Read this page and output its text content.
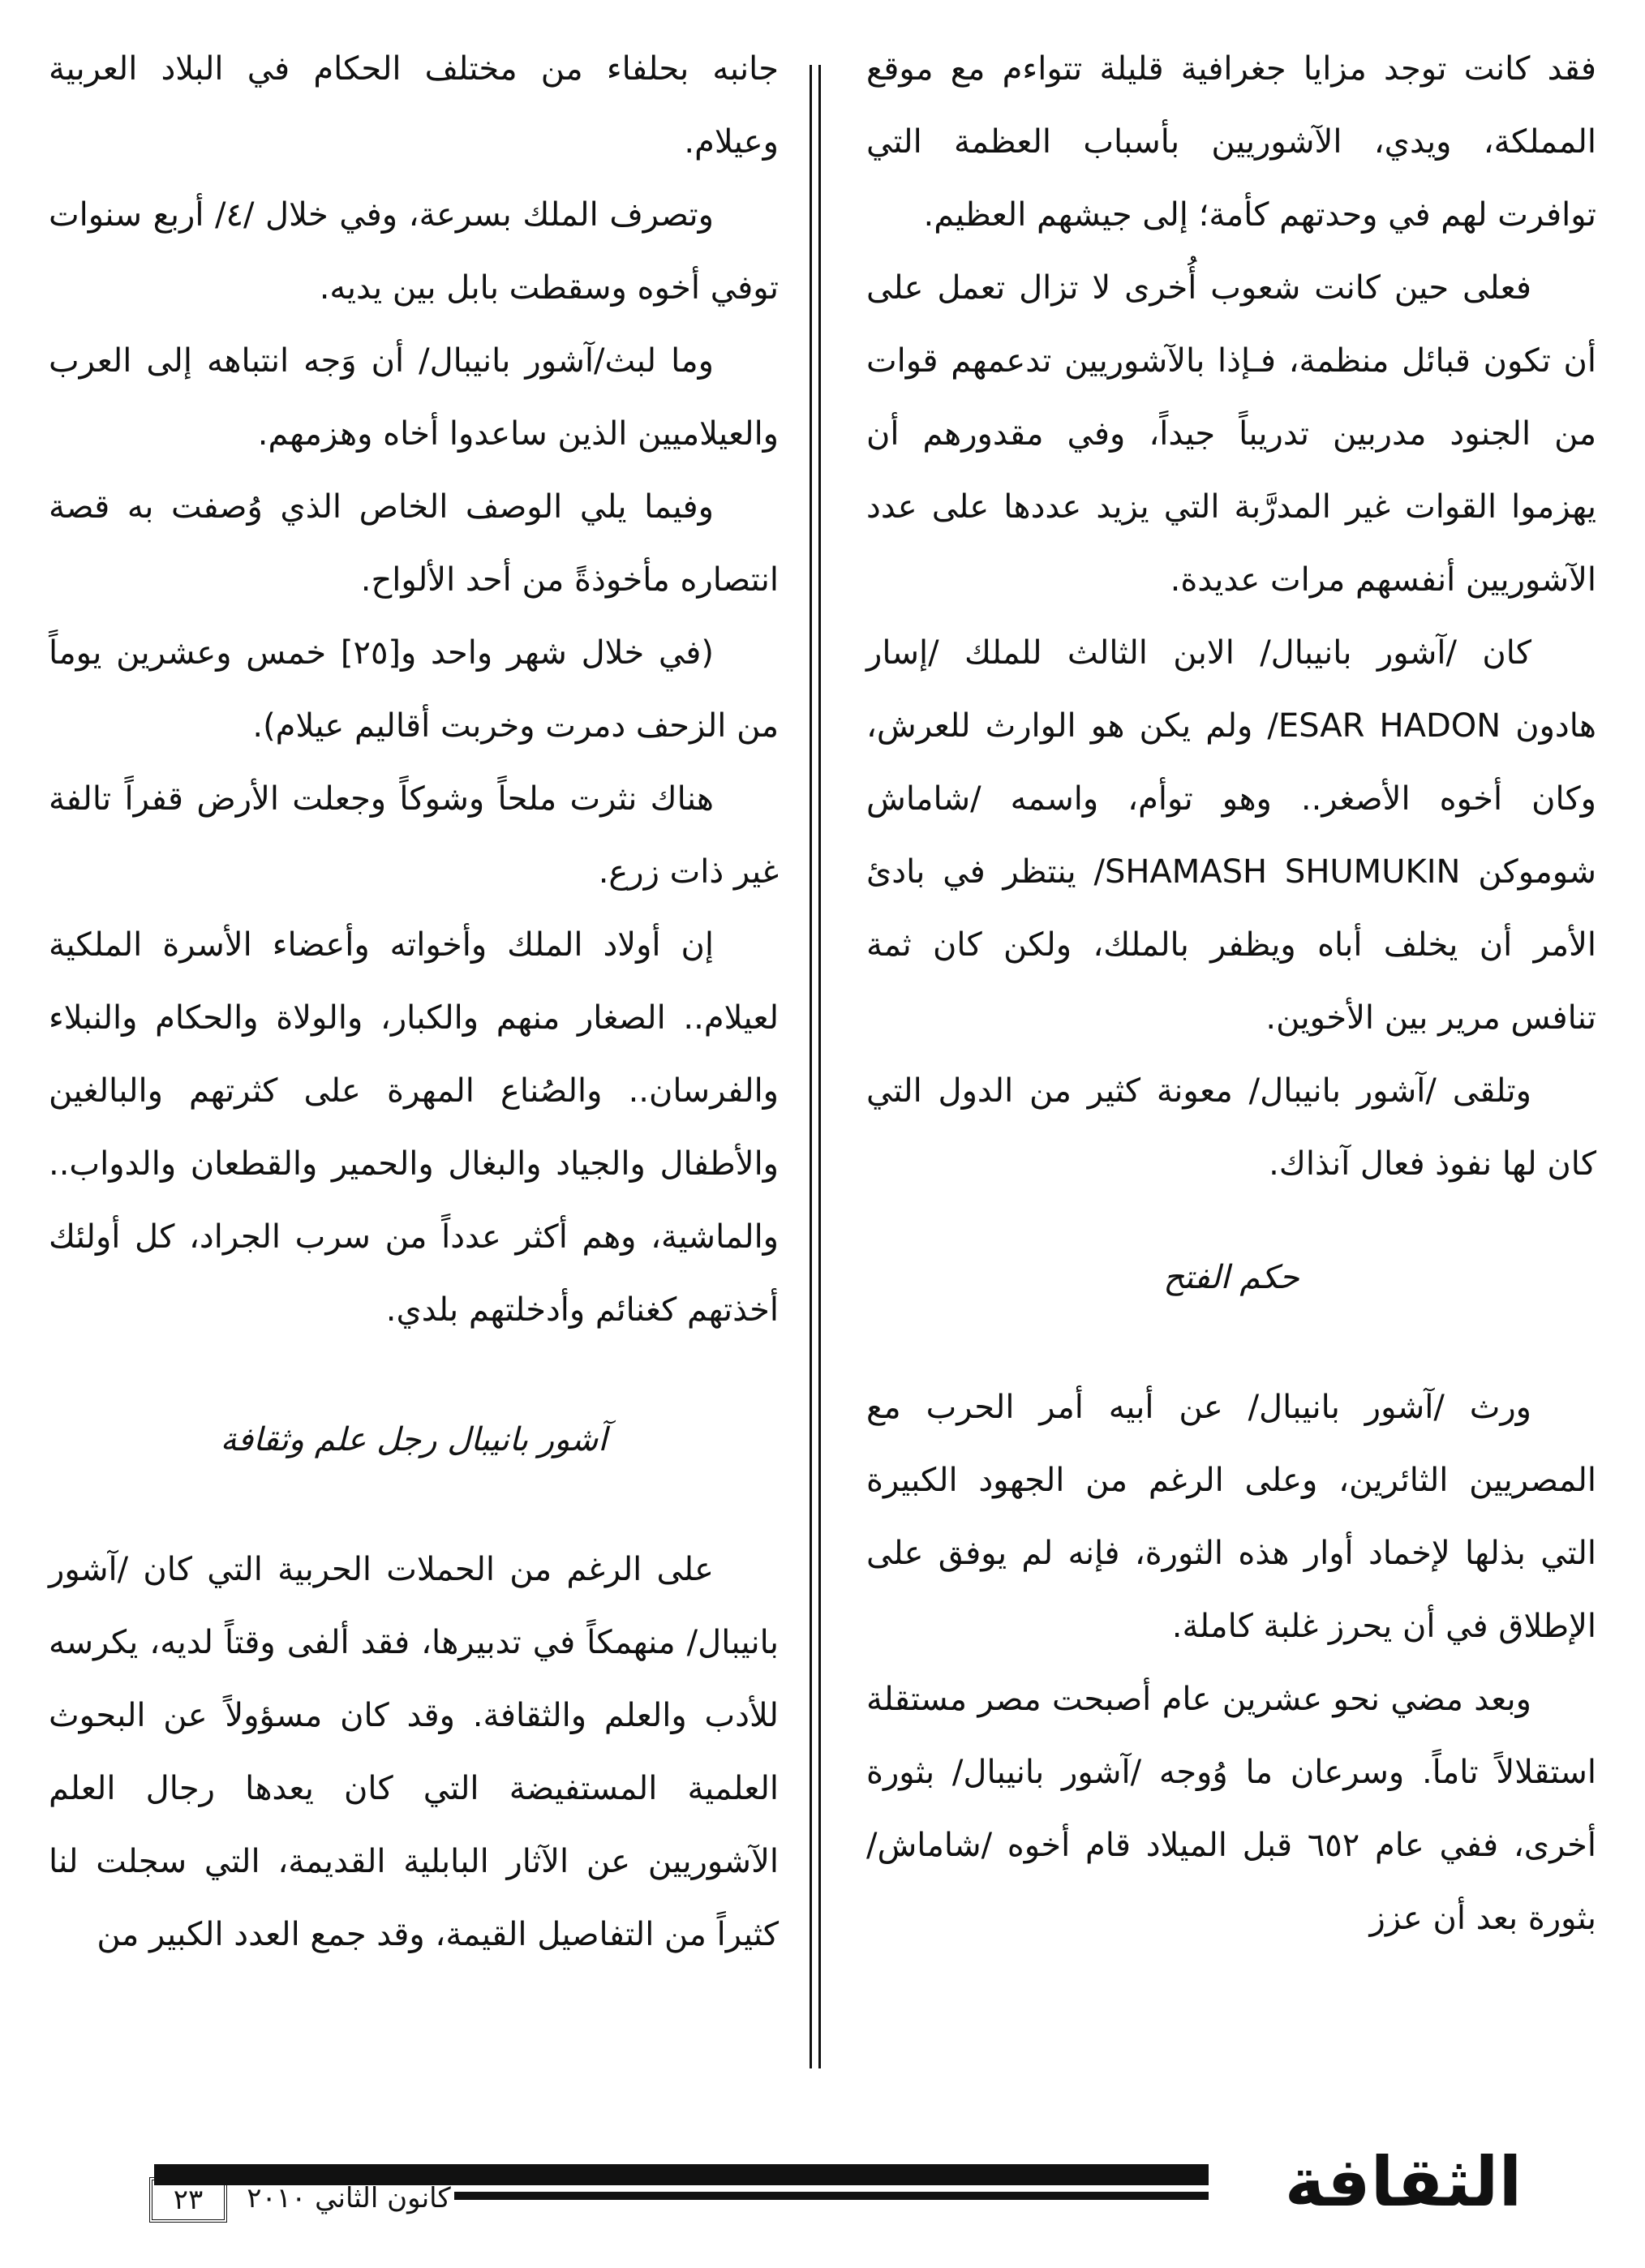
فقد كانت توجد مزايا جغرافية قليلة تتواءم مع موقع المملكة، ويدي، الآشوريين بأسباب العظمة التي توافرت لهم في وحدتهم كأمة؛ إلى جيشهم العظيم.

فعلى حين كانت شعوب أُخرى لا تزال تعمل على أن تكون قبائل منظمة، فـإذا بالآشوريين تدعمهم قوات من الجنود مدربين تدريباً جيداً، وفي مقدورهم أن يهزموا القوات غير المدرَّبة التي يزيد عددها على عدد الآشوريين أنفسهم مرات عديدة.

كان /آشور بانيبال/ الابن الثالث للملك /إسار هادون ESAR HADON/ ولم يكن هو الوارث للعرش، وكان أخوه الأصغر.. وهو توأم، واسمه /شاماش شوموكن SHAMASH SHUMUKIN/ ينتظر في بادئ الأمر أن يخلف أباه ويظفر بالملك، ولكن كان ثمة تنافس مرير بين الأخوين.

وتلقى /آشور بانيبال/ معونة كثير من الدول التي كان لها نفوذ فعال آنذاك.

حكم الفتح

ورث /آشور بانيبال/ عن أبيه أمر الحرب مع المصريين الثائرين، وعلى الرغم من الجهود الكبيرة التي بذلها لإخماد أوار هذه الثورة، فإنه لم يوفق على الإطلاق في أن يحرز غلبة كاملة.

وبعد مضي نحو عشرين عام أصبحت مصر مستقلة استقلالاً تاماً. وسرعان ما وُوجه /آشور بانيبال/ بثورة أخرى، ففي عام ٦٥٢ قبل الميلاد قام أخوه /شاماش/ بثورة بعد أن عزز

جانبه بحلفاء من مختلف الحكام في البلاد العربية وعيلام.

وتصرف الملك بسرعة، وفي خلال /٤/ أربع سنوات توفي أخوه وسقطت بابل بين يديه.

وما لبث/آشور بانيبال/ أن وَجه انتباهه إلى العرب والعيلاميين الذين ساعدوا أخاه وهزمهم.

وفيما يلي الوصف الخاص الذي وُصفت به قصة انتصاره مأخوذةً من أحد الألواح.

(في خلال شهر واحد و[٢٥] خمس وعشرين يوماً من الزحف دمرت وخربت أقاليم عيلام).

هناك نثرت ملحاً وشوكاً وجعلت الأرض قفراً تالفة غير ذات زرع.

إن أولاد الملك وأخواته وأعضاء الأسرة الملكية لعيلام.. الصغار منهم والكبار، والولاة والحكام والنبلاء والفرسان.. والصُناع المهرة على كثرتهم والبالغين والأطفال والجياد والبغال والحمير والقطعان والدواب.. والماشية، وهم أكثر عدداً من سرب الجراد، كل أولئك أخذتهم كغنائم وأدخلتهم بلدي.

آشور بانيبال رجل علم وثقافة

على الرغم من الحملات الحربية التي كان /آشور بانيبال/ منهمكاً في تدبيرها، فقد ألفى وقتاً لديه، يكرسه للأدب والعلم والثقافة. وقد كان مسؤولاً عن البحوث العلمية المستفيضة التي كان يعدها رجال العلم الآشوريين عن الآثار البابلية القديمة، التي سجلت لنا كثيراً من التفاصيل القيمة، وقد جمع العدد الكبير من

الثقافة
كانون الثاني ٢٠١٠
٢٣
